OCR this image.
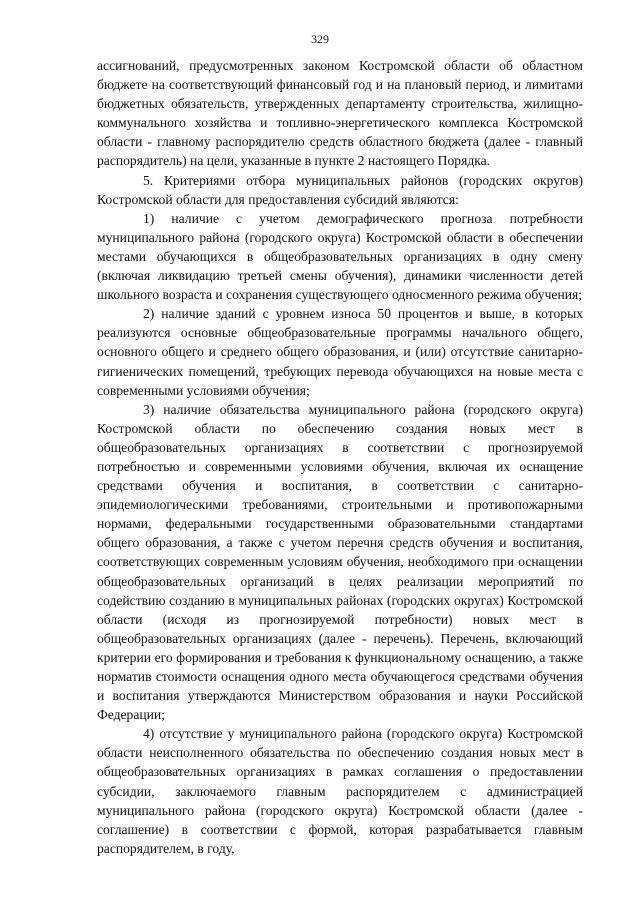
329

ассигнований, предусмотренных законом Костромской области об областном бюджете на соответствующий финансовый год и на плановый период, и лимитами бюджетных обязательств, утвержденных департаменту строительства, жилищно-коммунального хозяйства и топливно-энергетического комплекса Костромской области - главному распорядителю средств областного бюджета (далее - главный распорядитель) на цели, указанные в пункте 2 настоящего Порядка.

5. Критериями отбора муниципальных районов (городских округов) Костромской области для предоставления субсидий являются:

1) наличие с учетом демографического прогноза потребности муниципального района (городского округа) Костромской области в обеспечении местами обучающихся в общеобразовательных организациях в одну смену (включая ликвидацию третьей смены обучения), динамики численности детей школьного возраста и сохранения существующего односменного режима обучения;

2) наличие зданий с уровнем износа 50 процентов и выше, в которых реализуются основные общеобразовательные программы начального общего, основного общего и среднего общего образования, и (или) отсутствие санитарно-гигиенических помещений, требующих перевода обучающихся на новые места с современными условиями обучения;

3) наличие обязательства муниципального района (городского округа) Костромской области по обеспечению создания новых мест в общеобразовательных организациях в соответствии с прогнозируемой потребностью и современными условиями обучения, включая их оснащение средствами обучения и воспитания, в соответствии с санитарно-эпидемиологическими требованиями, строительными и противопожарными нормами, федеральными государственными образовательными стандартами общего образования, а также с учетом перечня средств обучения и воспитания, соответствующих современным условиям обучения, необходимого при оснащении общеобразовательных организаций в целях реализации мероприятий по содействию созданию в муниципальных районах (городских округах) Костромской области (исходя из прогнозируемой потребности) новых мест в общеобразовательных организациях (далее - перечень). Перечень, включающий критерии его формирования и требования к функциональному оснащению, а также норматив стоимости оснащения одного места обучающегося средствами обучения и воспитания утверждаются Министерством образования и науки Российской Федерации;

4) отсутствие у муниципального района (городского округа) Костромской области неисполненного обязательства по обеспечению создания новых мест в общеобразовательных организациях в рамках соглашения о предоставлении субсидии, заключаемого главным распорядителем с администрацией муниципального района (городского округа) Костромской области (далее - соглашение) в соответствии с формой, которая разрабатывается главным распорядителем, в году,
